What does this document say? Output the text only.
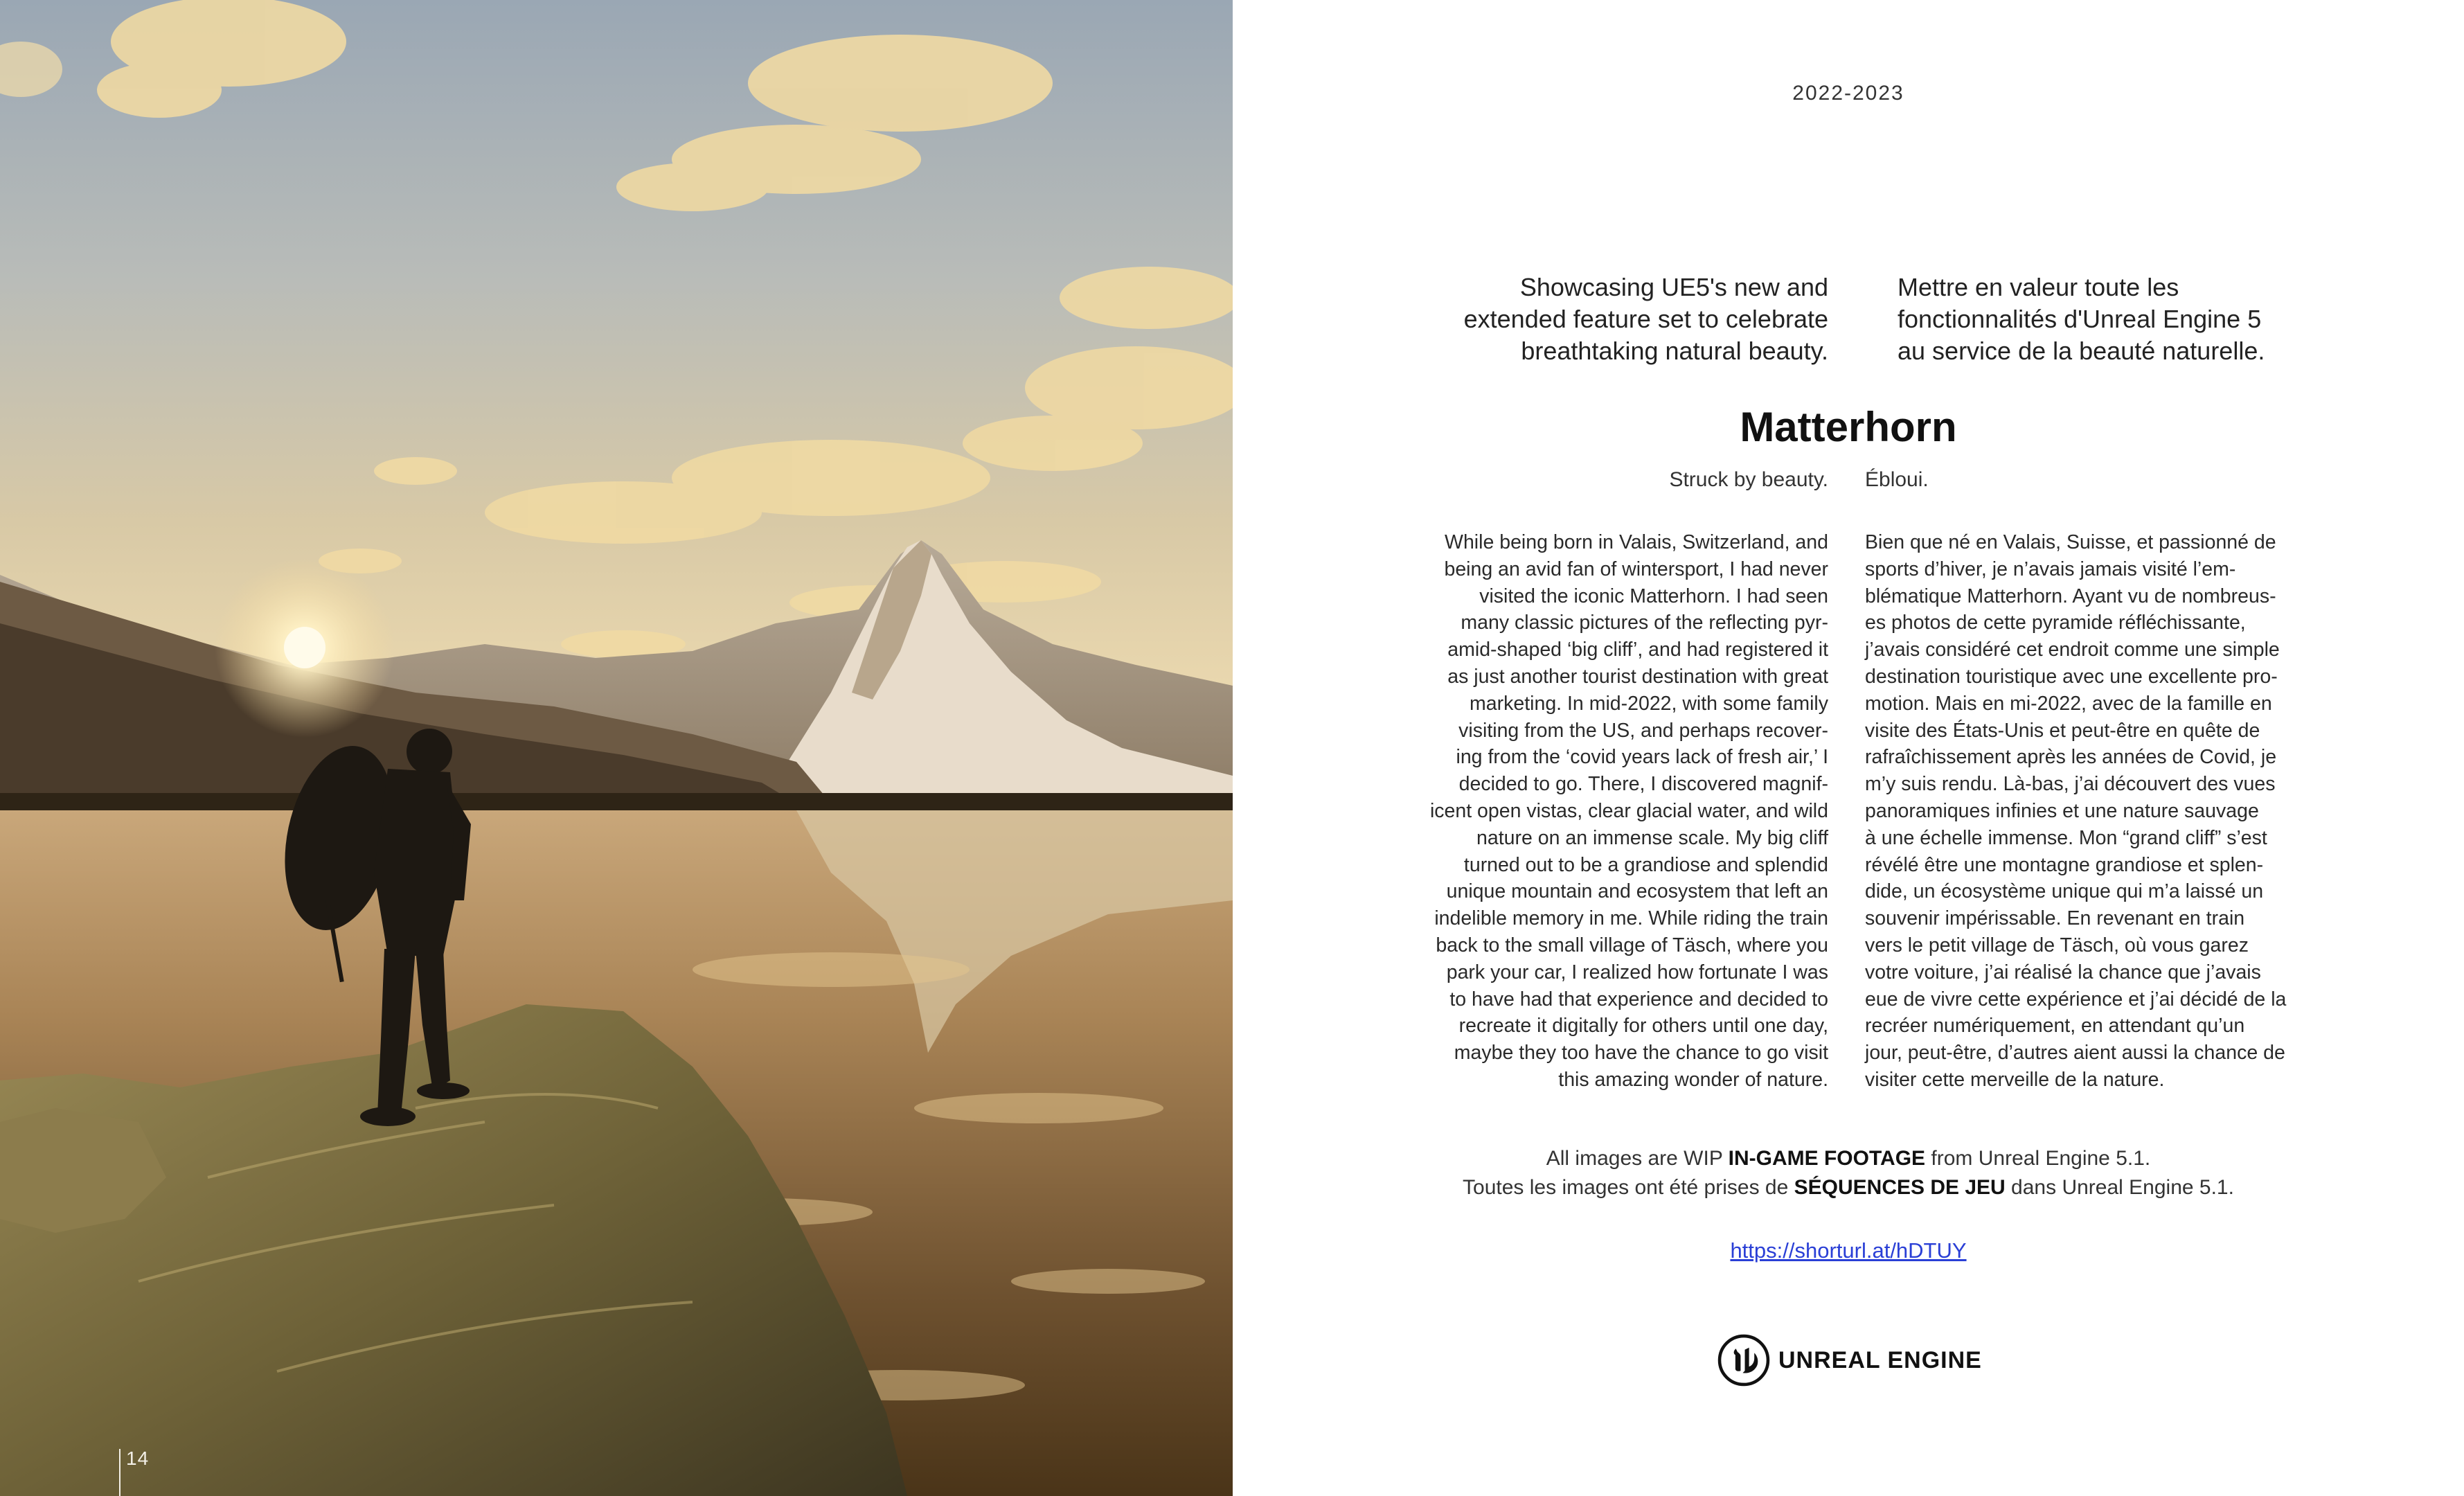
14
2022-2023
Showcasing UE5's new and extended feature set to celebrate breathtaking natural beauty.
Mettre en valeur toute les fonctionnalités d'Unreal Engine 5 au service de la beauté naturelle.
Matterhorn
Struck by beauty. Ébloui.
While being born in Valais, Switzerland, and
being an avid fan of wintersport, I had never
visited the iconic Matterhorn. I had seen
many classic pictures of the reflecting pyr-
amid-shaped ‘big cliff’, and had registered it
as just another tourist destination with great
marketing. In mid-2022, with some family
visiting from the US, and perhaps recover-
ing from the ‘covid years lack of fresh air,’ I
decided to go. There, I discovered magnif-
icent open vistas, clear glacial water, and wild
nature on an immense scale. My big cliff
turned out to be a grandiose and splendid
unique mountain and ecosystem that left an
indelible memory in me. While riding the train
back to the small village of Täsch, where you
park your car, I realized how fortunate I was
to have had that experience and decided to
recreate it digitally for others until one day,
maybe they too have the chance to go visit
this amazing wonder of nature.
Bien que né en Valais, Suisse, et passionné de
sports d’hiver, je n’avais jamais visité l’em-
blématique Matterhorn. Ayant vu de nombreus-
es photos de cette pyramide réfléchissante,
j’avais considéré cet endroit comme une simple
destination touristique avec une excellente pro-
motion. Mais en mi-2022, avec de la famille en
visite des États-Unis et peut-être en quête de
rafraîchissement après les années de Covid, je
m’y suis rendu. Là-bas, j’ai découvert des vues
panoramiques infinies et une nature sauvage
à une échelle immense. Mon “grand cliff” s’est
révélé être une montagne grandiose et splen-
dide, un écosystème unique qui m’a laissé un
souvenir impérissable. En revenant en train
vers le petit village de Täsch, où vous garez
votre voiture, j’ai réalisé la chance que j’avais
eue de vivre cette expérience et j’ai décidé de la
recréer numériquement, en attendant qu’un
jour, peut-être, d’autres aient aussi la chance de
visiter cette merveille de la nature.
All images are WIP IN-GAME FOOTAGE from Unreal Engine 5.1.
Toutes les images ont été prises de SÉQUENCES DE JEU dans Unreal Engine 5.1.
https://shorturl.at/hDTUY
UNREAL ENGINE
